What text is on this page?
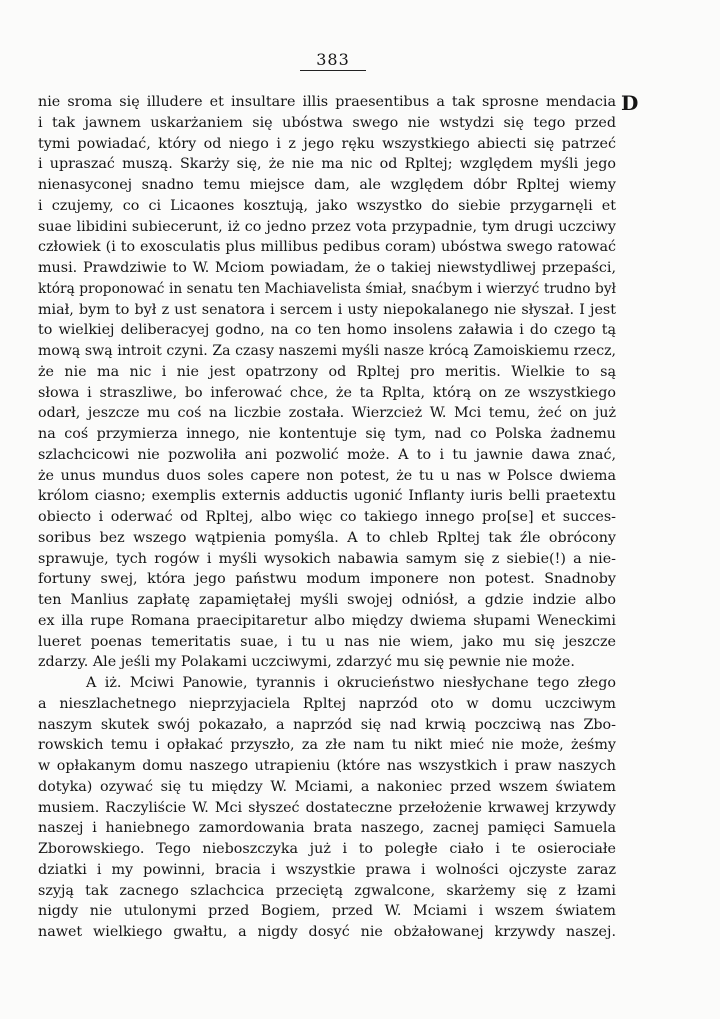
383
D
nie sroma się illudere et insultare illis praesentibus a tak sprosne mendacia
i tak jawnem uskarżaniem się ubóstwa swego nie wstydzi się tego przed
tymi powiadać, który od niego i z jego ręku wszystkiego abiecti się patrzeć
i upraszać muszą. Skarży się, że nie ma nic od Rpltej; względem myśli jego
nienasyconej snadno temu miejsce dam, ale względem dóbr Rpltej wiemy
i czujemy, co ci Licaones kosztują, jako wszystko do siebie przygarnęli et
suae libidini subiecerunt, iż co jedno przez vota przypadnie, tym drugi uczciwy
człowiek (i to exosculatis plus millibus pedibus coram) ubóstwa swego ratować
musi. Prawdziwie to W. Mciom powiadam, że o takiej niewstydliwej przepaści,
którą proponować in senatu ten Machiavelista śmiał, snaćbym i wierzyć trudno był
miał, bym to był z ust senatora i sercem i usty niepokalanego nie słyszał. I jest
to wielkiej deliberacyej godno, na co ten homo insolens załawia i do czego tą
mową swą introit czyni. Za czasy naszemi myśli nasze krócą Zamoiskiemu rzecz,
że nie ma nic i nie jest opatrzony od Rpltej pro meritis. Wielkie to są
słowa i straszliwe, bo inferować chce, że ta Rplta, którą on ze wszystkiego
odarł, jeszcze mu coś na liczbie została. Wierzcież W. Mci temu, żeć on już
na coś przymierza innego, nie kontentuje się tym, nad co Polska żadnemu
szlachcicowi nie pozwoliła ani pozwolić może. A to i tu jawnie dawa znać,
że unus mundus duos soles capere non potest, że tu u nas w Polsce dwiema
królom ciasno; exemplis externis adductis ugonić Inflanty iuris belli praetextu
obiecto i oderwać od Rpltej, albo więc co takiego innego pro[se] et succes-
soribus bez wszego wątpienia pomyśla. A to chleb Rpltej tak źle obrócony
sprawuje, tych rogów i myśli wysokich nabawia samym się z siebie(!) a nie-
fortuny swej, która jego państwu modum imponere non potest. Snadnoby
ten Manlius zapłatę zapamiętałej myśli swojej odniósł, a gdzie indzie albo
ex illa rupe Romana praecipitaretur albo między dwiema słupami Weneckimi
lueret poenas temeritatis suae, i tu u nas nie wiem, jako mu się jeszcze
zdarzy. Ale jeśli my Polakami uczciwymi, zdarzyć mu się pewnie nie może.
A iż. Mciwi Panowie, tyrannis i okrucieństwo niesłychane tego złego
a nieszlachetnego nieprzyjaciela Rpltej naprzód oto w domu uczciwym
naszym skutek swój pokazało, a naprzód się nad krwią poczciwą nas Zbo-
rowskich temu i opłakać przyszło, za złe nam tu nikt mieć nie może, żeśmy
w opłakanym domu naszego utrapieniu (które nas wszystkich i praw naszych
dotyka) ozywać się tu między W. Mciami, a nakoniec przed wszem światem
musiem. Raczyliście W. Mci słyszeć dostateczne przełożenie krwawej krzywdy
naszej i haniebnego zamordowania brata naszego, zacnej pamięci Samuela
Zborowskiego. Tego nieboszczyka już i to poległe ciało i te osierociałe
dziatki i my powinni, bracia i wszystkie prawa i wolności ojczyste zaraz
szyją tak zacnego szlachcica przeciętą zgwalcone, skarżemy się z łzami
nigdy nie utulonymi przed Bogiem, przed W. Mciami i wszem światem
nawet wielkiego gwałtu, a nigdy dosyć nie obżałowanej krzywdy naszej.
